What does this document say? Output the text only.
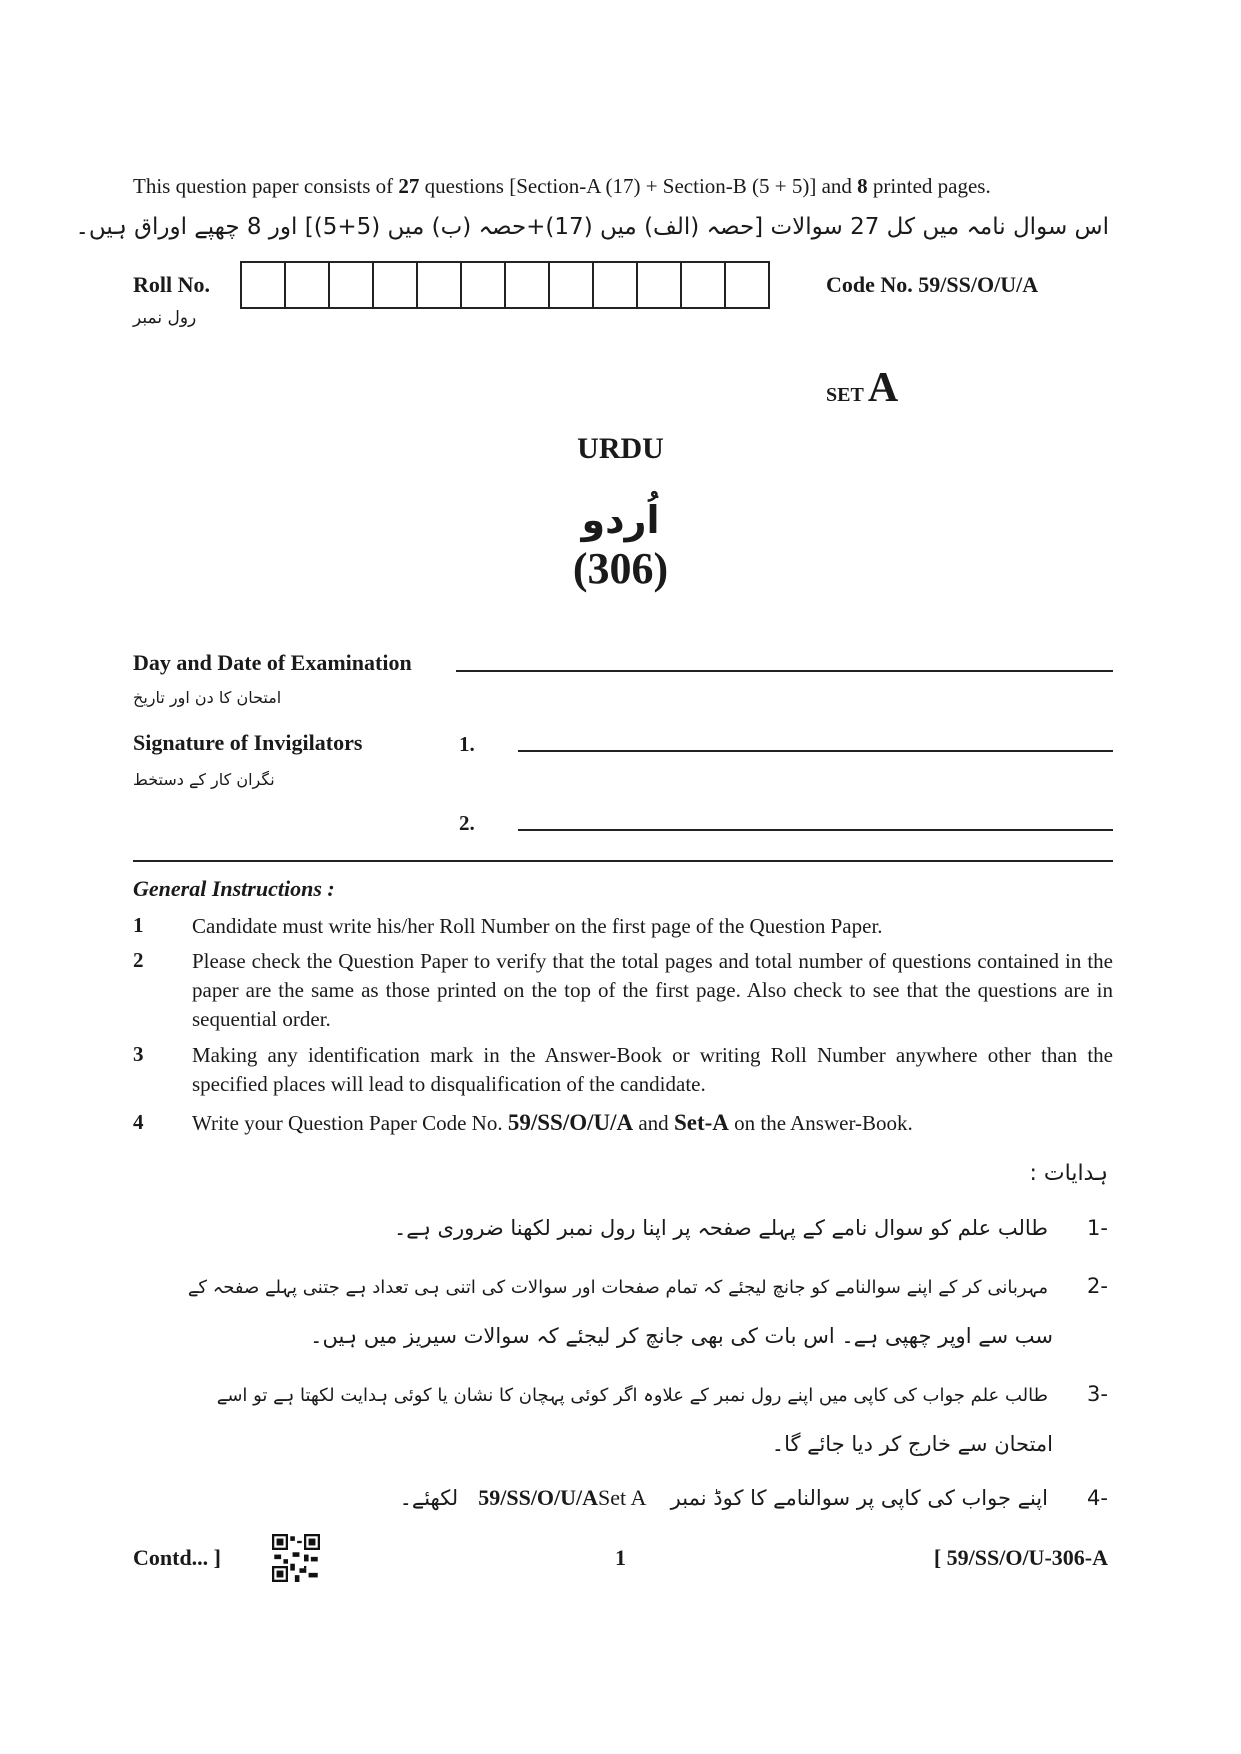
This question paper consists of 27 questions [Section-A (17) + Section-B (5 + 5)] and 8 printed pages.
اس سوال نامہ میں کل 27 سوالات [حصہ (الف) میں (17)+حصہ (ب) میں (5+5)] اور 8 چھپے اوراق ہیں۔
Roll No.
رول نمبر
Code No. 59/SS/O/U/A
SET A
URDU
اُردو
(306)
Day and Date of Examination
امتحان کا دن اور تاریخ
Signature of Invigilators
نگران کار کے دستخط
1.
2.
General Instructions :
1 Candidate must write his/her Roll Number on the first page of the Question Paper.
2 Please check the Question Paper to verify that the total pages and total number of questions contained in the paper are the same as those printed on the top of the first page. Also check to see that the questions are in sequential order.
3 Making any identification mark in the Answer-Book or writing Roll Number anywhere other than the specified places will lead to disqualification of the candidate.
4 Write your Question Paper Code No. 59/SS/O/U/A and Set-A on the Answer-Book.
ہدایات :
-1   طالب علم کو سوال نامے کے پہلے صفحہ پر اپنا رول نمبر لکھنا ضروری ہے۔
-2   مہربانی کر کے اپنے سوالنامے کو جانچ لیجئے کہ تمام صفحات اور سوالات کی اتنی ہی تعداد ہے جتنی پہلے صفحہ کے
سب سے اوپر چھپی ہے۔ اس بات کی بھی جانچ کر لیجئے کہ سوالات سیریز میں ہیں۔
-3   طالب علم جواب کی کاپی میں اپنے رول نمبر کے علاوہ اگر کوئی پہچان کا نشان یا کوئی ہدایت لکھتا ہے تو اسے
امتحان سے خارج کر دیا جائے گا۔
-4   اپنے جواب کی کاپی پر سوالنامے کا کوڈ نمبر   59/SS/O/U/ASet A    لکھئے۔
Contd... ]	1	[ 59/SS/O/U-306-A
